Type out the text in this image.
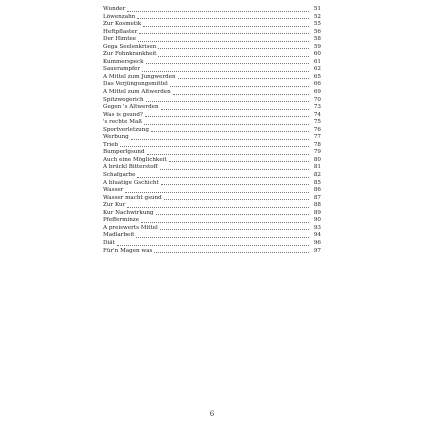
Wunder	51
Löwenzahn	52
Zur Kosmetik	55
Heftpflaster	56
Der Himtee	58
Gega Seelenkrisen	59
Zur Fohnkrankheit	60
Kummerspeck	61
Sauerampfer	62
A Mittel zum Jungwerden	65
Das Verjüngungsmittel	66
A Mittel zum Altwerden	69
Spitzwegerich	70
Gegen 's Altwerden	73
Was is gsund?	74
's rechte Maß	75
Sportverletzung	76
Werbung	77
Trieb	78
Bumperlgsund	79
Auch eine Möglichkeit	80
A brückl Bitterstoff	81
Schafgarbe	82
A bluatige Gschicht	85
Wasser	86
Wasser macht gsund	87
Zur Kur	88
Kur Nachwirkung	89
Pfefferminze	90
A preiswerts Mittel	93
Madlarbeit	94
Diät	96
Für'n Magen was	97
6
